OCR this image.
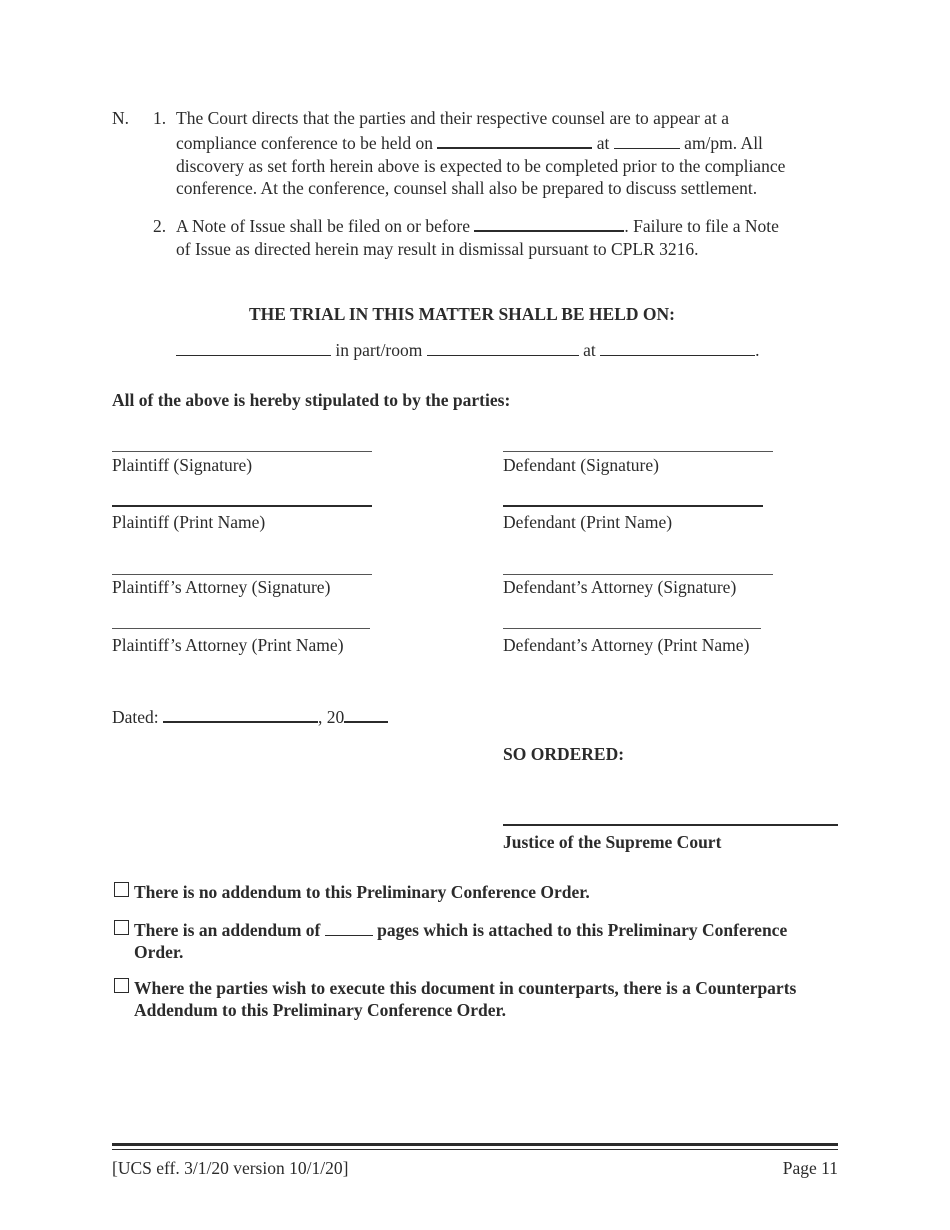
N. 1. The Court directs that the parties and their respective counsel are to appear at a
compliance conference to be held on	at	am/pm. All
discovery as set forth herein above is expected to be completed prior to the compliance
conference. At the conference, counsel shall also be prepared to discuss settlement.
2. A Note of Issue shall be filed on or before	. Failure to file a Note
of Issue as directed herein may result in dismissal pursuant to CPLR 3216.
THE TRIAL IN THIS MATTER SHALL BE HELD ON:
in part/room	at	.
All of the above is hereby stipulated to by the parties:
Plaintiff (Signature)	Defendant (Signature)
Plaintiff (Print Name)	Defendant (Print Name)
Plaintiff’s Attorney (Signature)	Defendant’s Attorney (Signature)
Plaintiff’s Attorney (Print Name)	Defendant’s Attorney (Print Name)
Dated:	, 20
SO ORDERED:
Justice of the Supreme Court
There is no addendum to this Preliminary Conference Order.
There is an addendum of	pages which is attached to this Preliminary Conference
Order.
Where the parties wish to execute this document in counterparts, there is a Counterparts
Addendum to this Preliminary Conference Order.
[UCS eff. 3/1/20 version 10/1/20]	Page 11
